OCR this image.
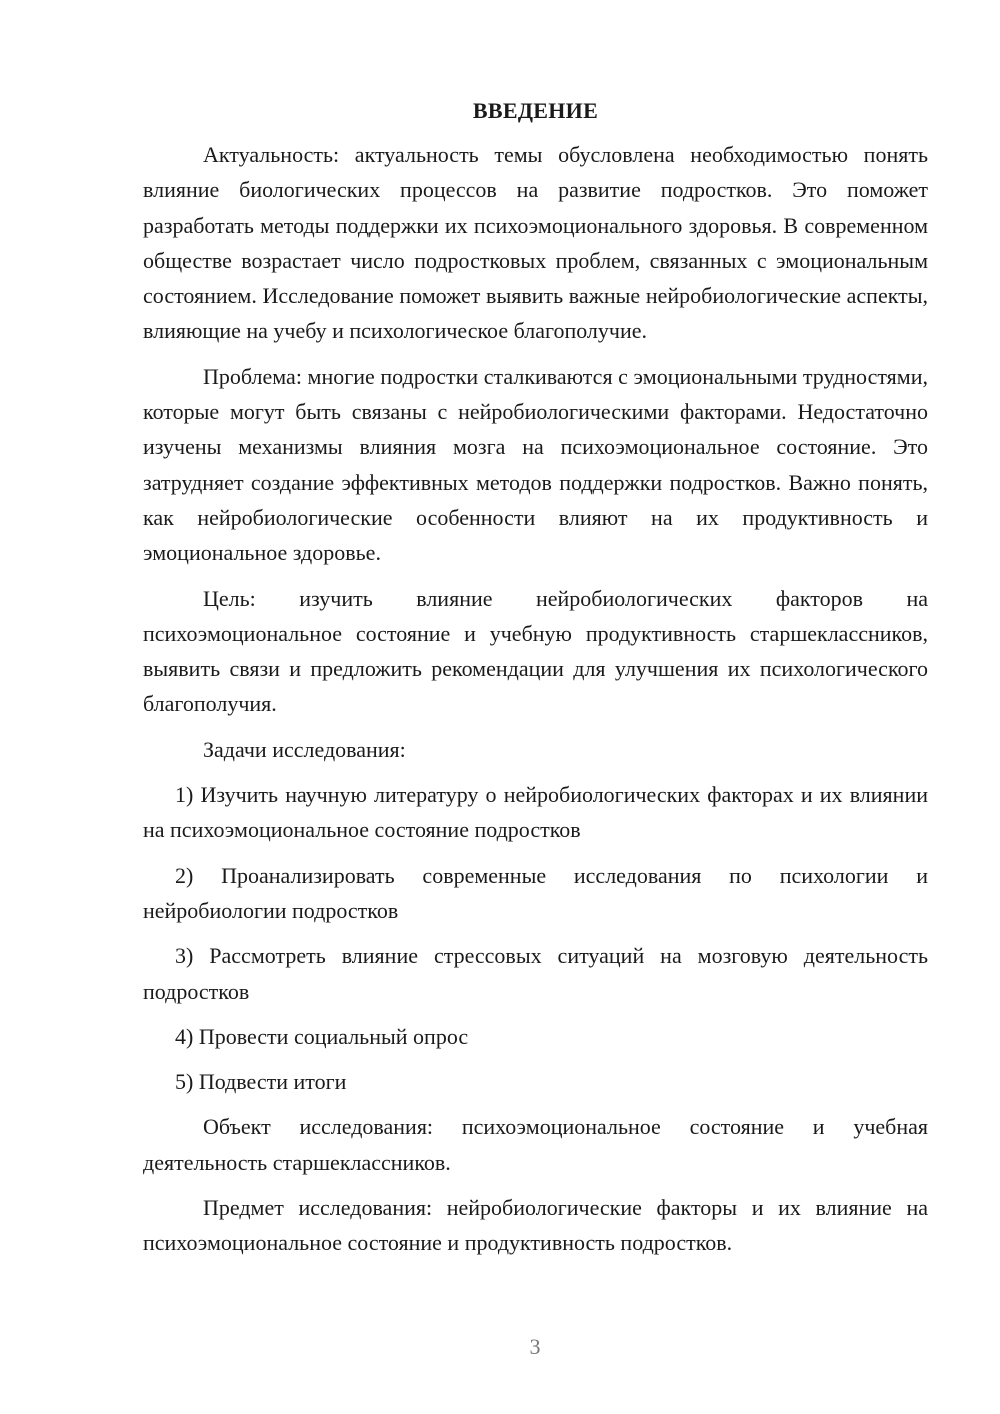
ВВЕДЕНИЕ

Актуальность: актуальность темы обусловлена необходимостью понять влияние биологических процессов на развитие подростков. Это поможет разработать методы поддержки их психоэмоционального здоровья. В современном обществе возрастает число подростковых проблем, связанных с эмоциональным состоянием. Исследование поможет выявить важные нейробиологические аспекты, влияющие на учебу и психологическое благополучие.

Проблема: многие подростки сталкиваются с эмоциональными трудностями, которые могут быть связаны с нейробиологическими факторами. Недостаточно изучены механизмы влияния мозга на психоэмоциональное состояние. Это затрудняет создание эффективных методов поддержки подростков. Важно понять, как нейробиологические особенности влияют на их продуктивность и эмоциональное здоровье.

Цель: изучить влияние нейробиологических факторов на психоэмоциональное состояние и учебную продуктивность старшеклассников, выявить связи и предложить рекомендации для улучшения их психологического благополучия.

Задачи исследования:

1) Изучить научную литературу о нейробиологических факторах и их влиянии на психоэмоциональное состояние подростков

2) Проанализировать современные исследования по психологии и нейробиологии подростков

3) Рассмотреть влияние стрессовых ситуаций на мозговую деятельность подростков

4) Провести социальный опрос

5) Подвести итоги

Объект исследования: психоэмоциональное состояние и учебная деятельность старшеклассников.

Предмет исследования: нейробиологические факторы и их влияние на психоэмоциональное состояние и продуктивность подростков.

3
